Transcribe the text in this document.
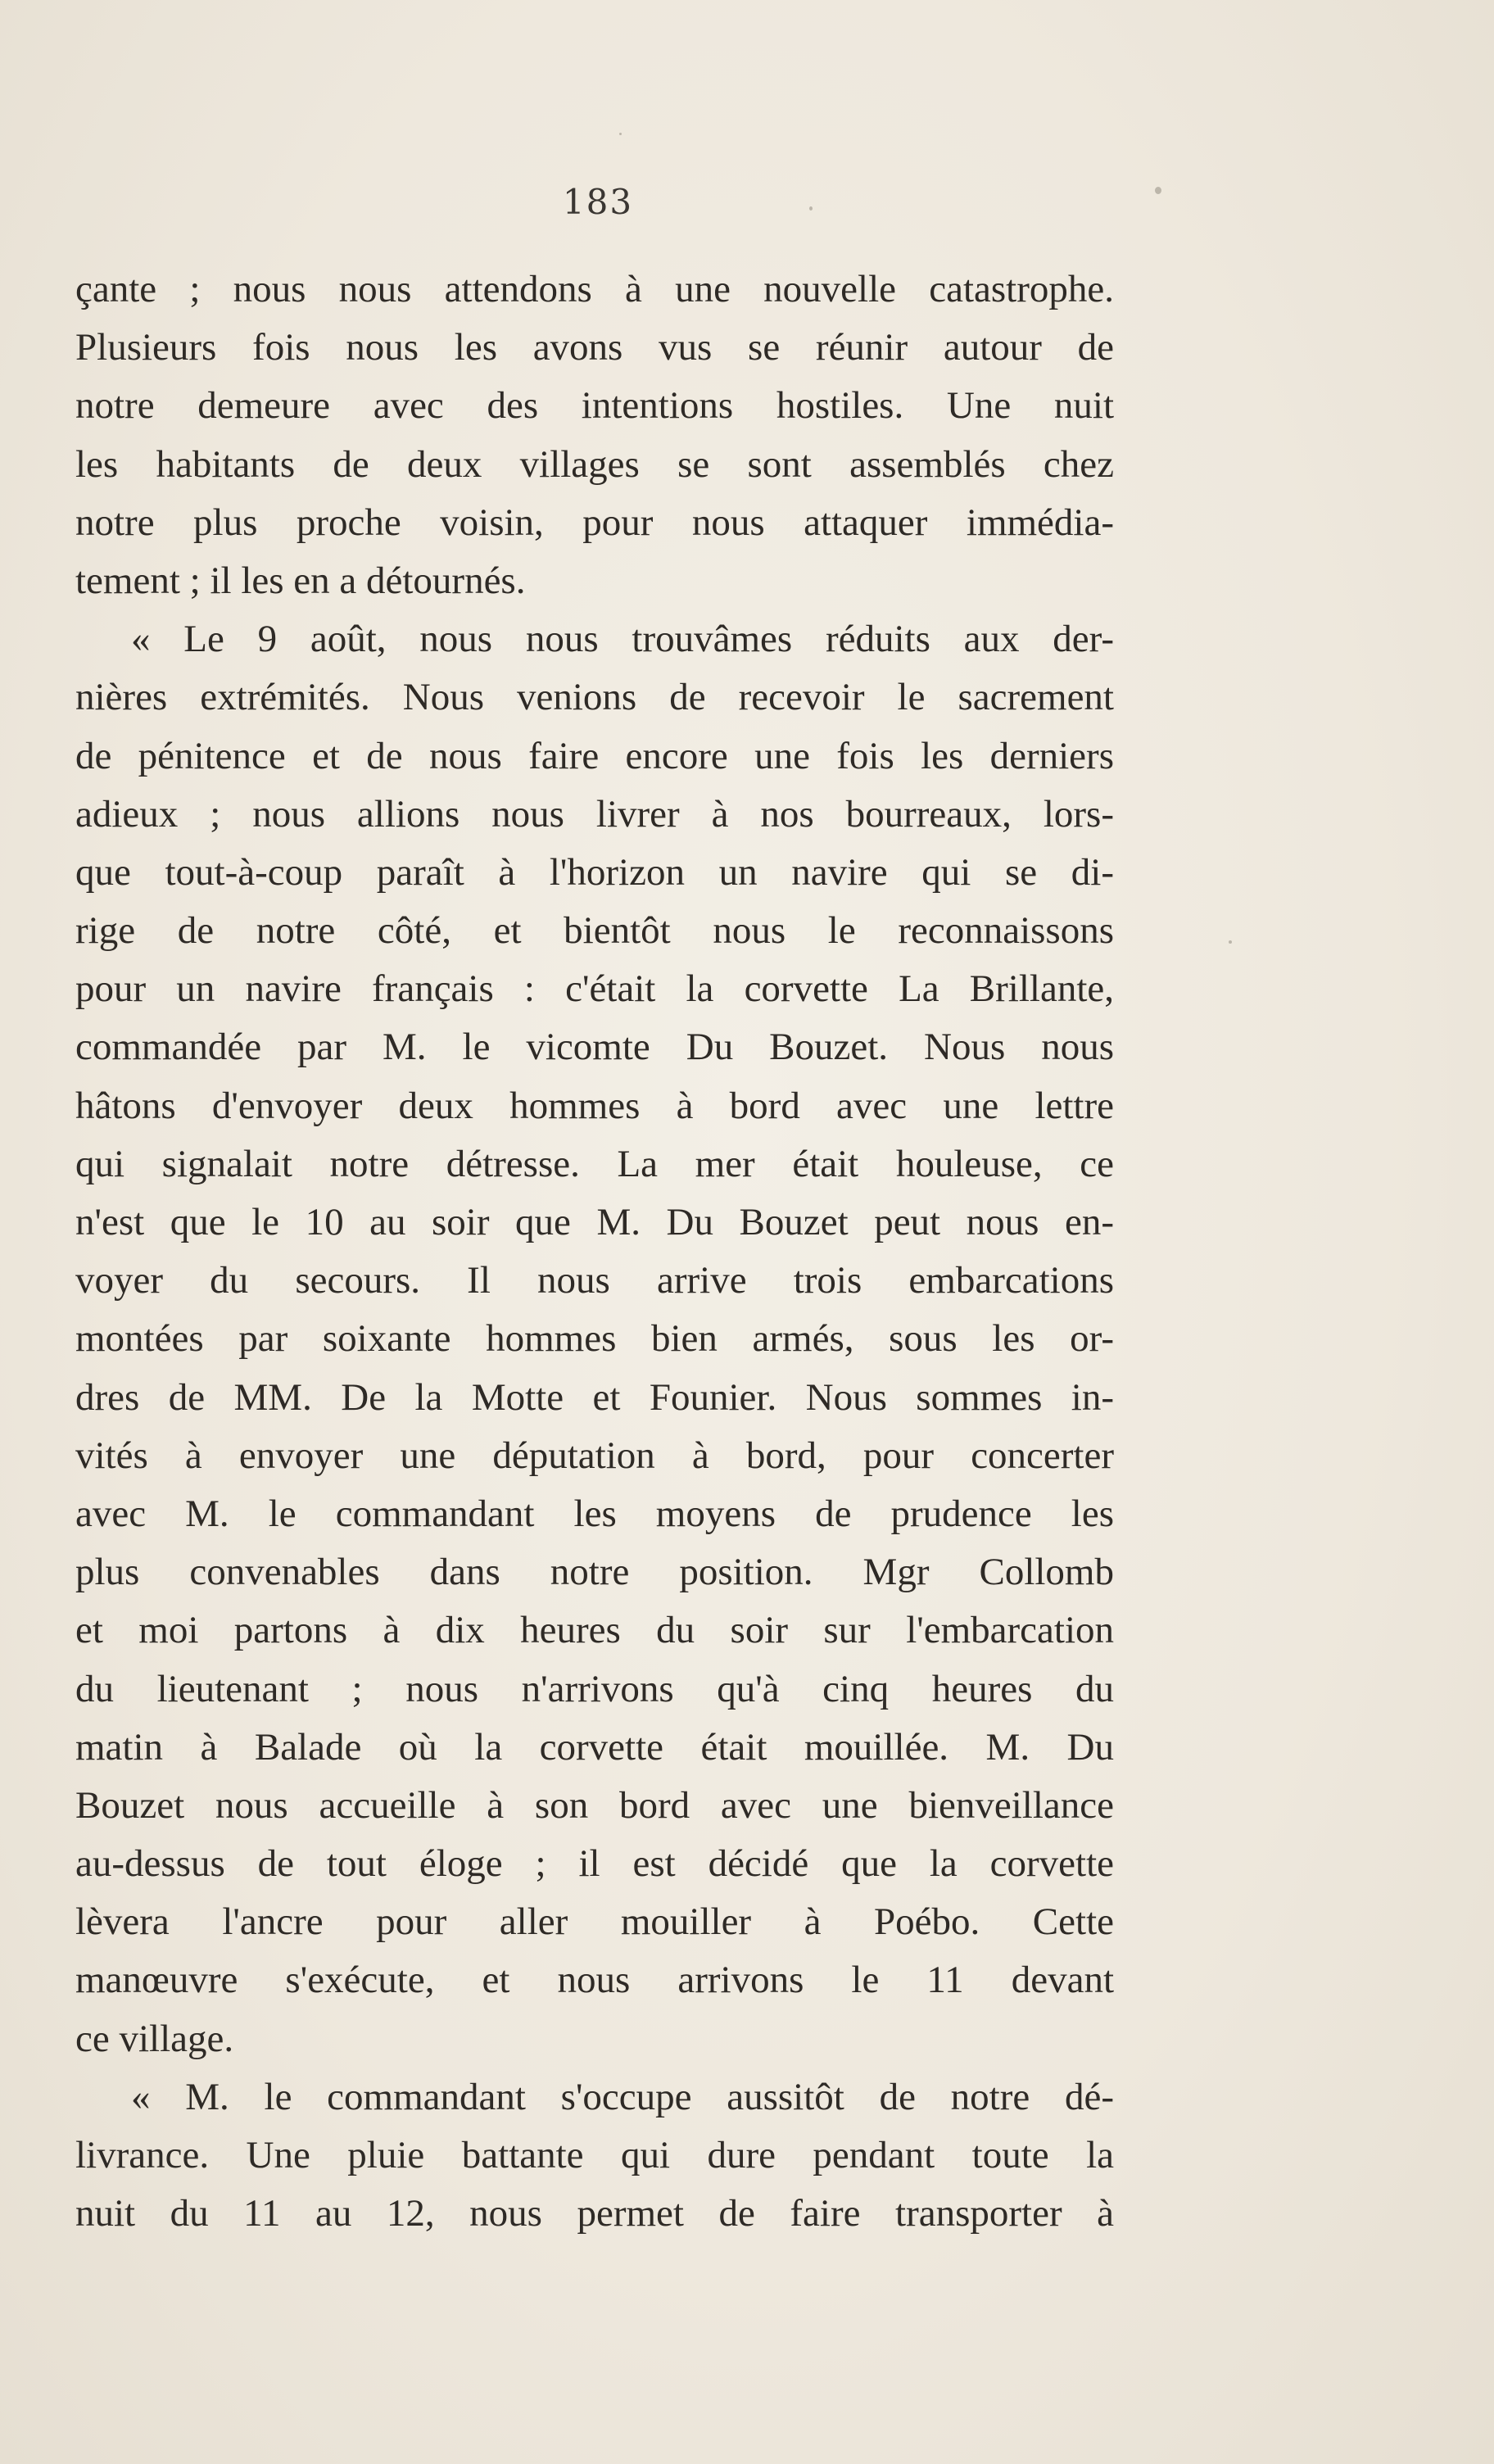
183
çante ; nous nous attendons à une nouvelle catastrophe.
Plusieurs fois nous les avons vus se réunir autour de
notre demeure avec des intentions hostiles. Une nuit
les habitants de deux villages se sont assemblés chez
notre plus proche voisin, pour nous attaquer immédia-
tement ; il les en a détournés.
« Le 9 août, nous nous trouvâmes réduits aux der-
nières extrémités. Nous venions de recevoir le sacrement
de pénitence et de nous faire encore une fois les derniers
adieux ; nous allions nous livrer à nos bourreaux, lors-
que tout-à-coup paraît à l'horizon un navire qui se di-
rige de notre côté, et bientôt nous le reconnaissons
pour un navire français : c'était la corvette La Brillante,
commandée par M. le vicomte Du Bouzet. Nous nous
hâtons d'envoyer deux hommes à bord avec une lettre
qui signalait notre détresse. La mer était houleuse, ce
n'est que le 10 au soir que M. Du Bouzet peut nous en-
voyer du secours. Il nous arrive trois embarcations
montées par soixante hommes bien armés, sous les or-
dres de MM. De la Motte et Founier. Nous sommes in-
vités à envoyer une députation à bord, pour concerter
avec M. le commandant les moyens de prudence les
plus convenables dans notre position. Mgr Collomb
et moi partons à dix heures du soir sur l'embarcation
du lieutenant ; nous n'arrivons qu'à cinq heures du
matin à Balade où la corvette était mouillée. M. Du
Bouzet nous accueille à son bord avec une bienveillance
au-dessus de tout éloge ; il est décidé que la corvette
lèvera l'ancre pour aller mouiller à Poébo. Cette
manœuvre s'exécute, et nous arrivons le 11 devant
ce village.
« M. le commandant s'occupe aussitôt de notre dé-
livrance. Une pluie battante qui dure pendant toute la
nuit du 11 au 12, nous permet de faire transporter à
